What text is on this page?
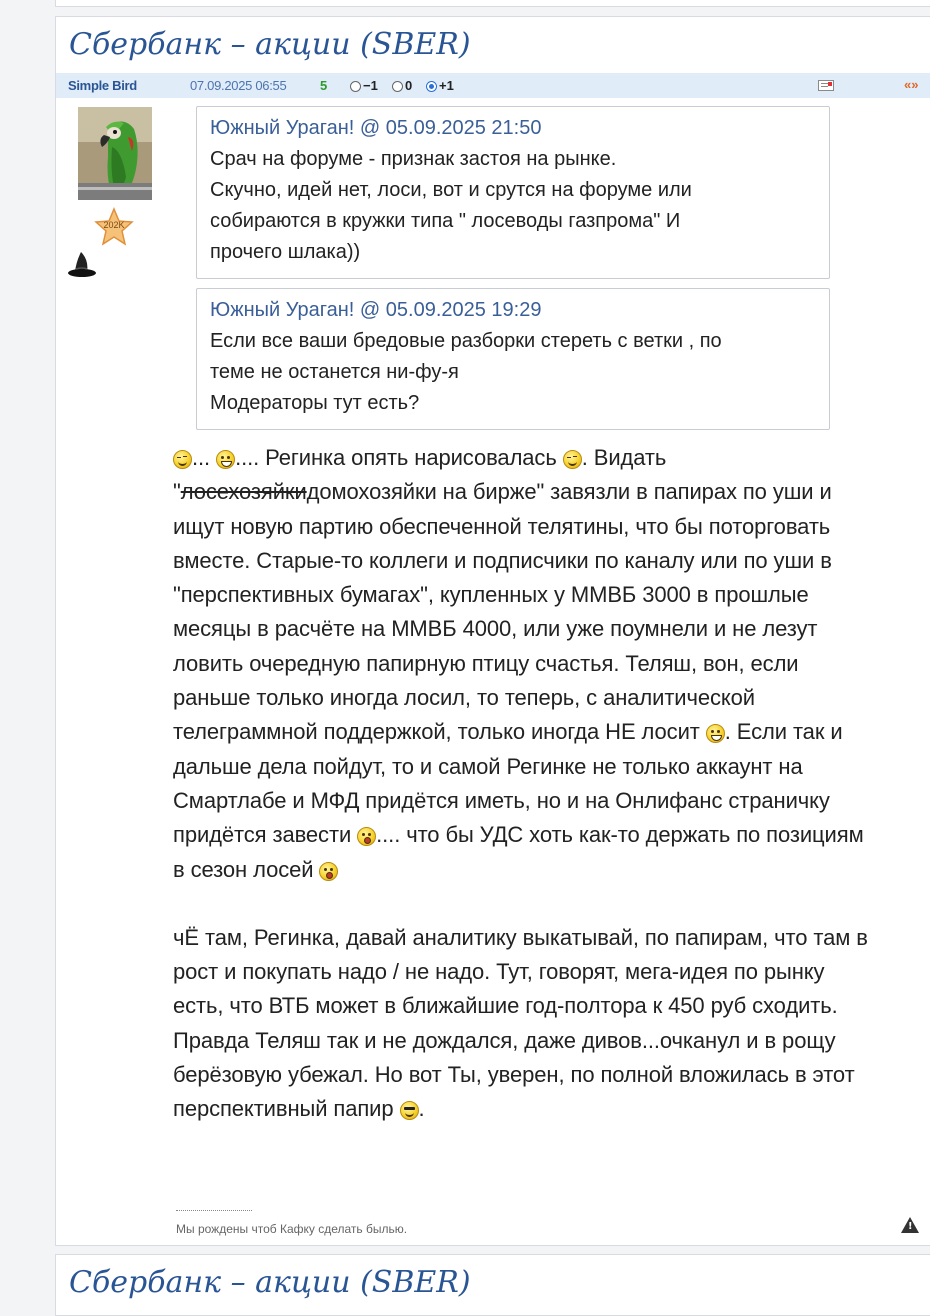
Сбербанк – акции (SBER)
Simple Bird	07.09.2025 06:55	5	−1	0	+1	«»
202K
Южный Ураган! @ 05.09.2025 21:50
Срач на форуме - признак застоя на рынке.
Скучно, идей нет, лоси, вот и срутся на форуме или
собираются в кружки типа " лосеводы газпрома" И
прочего шлака))
Южный Ураган! @ 05.09.2025 19:29
Если все ваши бредовые разборки стереть с ветки , по
теме не останется ни-фу-я
Модераторы тут есть?

... .... Регинка опять нарисовалась . Видать "лосехозяйкидомохозяйки на бирже" завязли в папирах по уши и ищут новую партию обеспеченной телятины, что бы поторговать вместе. Старые-то коллеги и подписчики по каналу или по уши в "перспективных бумагах", купленных у ММВБ 3000 в прошлые месяцы в расчёте на ММВБ 4000, или уже поумнели и не лезут ловить очередную папирную птицу счастья. Теляш, вон, если раньше только иногда лосил, то теперь, с аналитической телеграммной поддержкой, только иногда НЕ лосит . Если так и дальше дела пойдут, то и самой Регинке не только аккаунт на Смартлабе и МФД придётся иметь, но и на Онлифанс страничку придётся завести .... что бы УДС хоть как-то держать по позициям в сезон лосей

чЁ там, Регинка, давай аналитику выкатывай, по папирам, что там в рост и покупать надо / не надо. Тут, говорят, мега-идея по рынку есть, что ВТБ может в ближайшие год-полтора к 450 руб сходить. Правда Теляш так и не дождался, даже дивов...очканул и в рощу берёзовую убежал. Но вот Ты, уверен, по полной вложилась в этот перспективный папир .

Мы рождены чтоб Кафку сделать былью.
!
Сбербанк – акции (SBER)
